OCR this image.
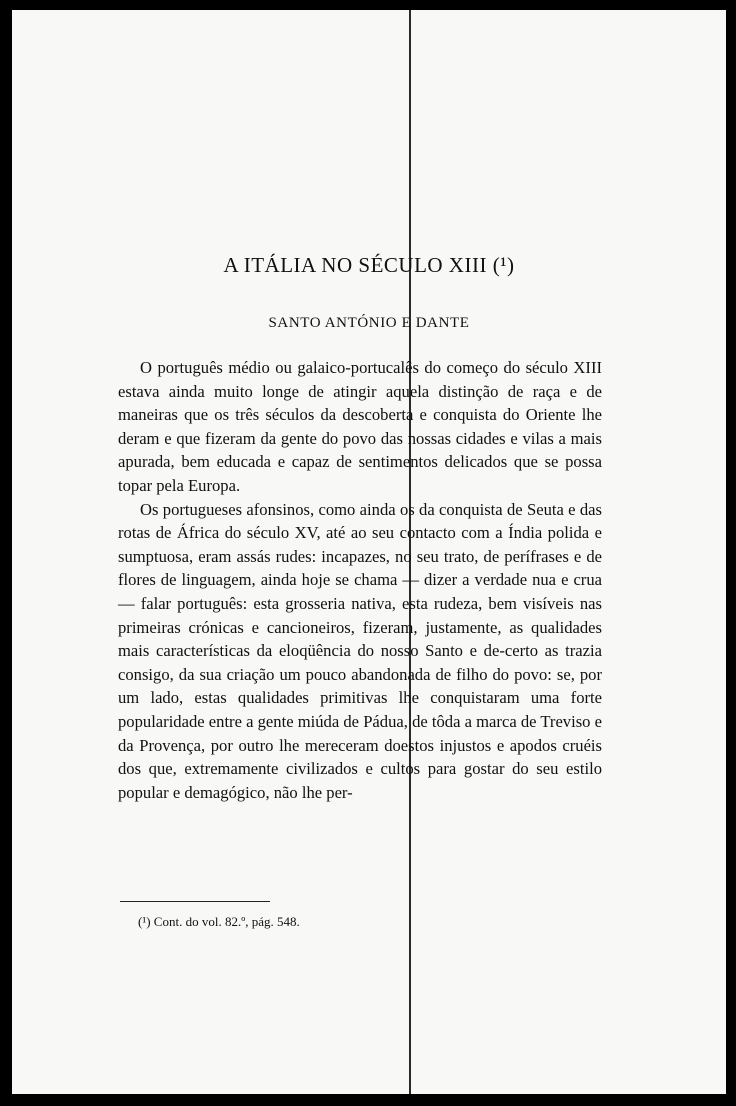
A ITÁLIA NO SÉCULO XIII (¹)
SANTO ANTÓNIO E DANTE

O português médio ou galaico-portucalês do começo do século XIII estava ainda muito longe de atingir aquela distinção de raça e de maneiras que os três séculos da descoberta e conquista do Oriente lhe deram e que fizeram da gente do povo das nossas cidades e vilas a mais apurada, bem educada e capaz de sentimentos delicados que se possa topar pela Europa.

Os portugueses afonsinos, como ainda os da conquista de Seuta e das rotas de África do século XV, até ao seu contacto com a Índia polida e sumptuosa, eram assás rudes: incapazes, no seu trato, de perífrases e de flores de linguagem, ainda hoje se chama — dizer a verdade nua e crua — falar português: esta grosseria nativa, esta rudeza, bem visíveis nas primeiras crónicas e cancioneiros, fizeram, justamente, as qualidades mais características da eloqüência do nosso Santo e de-certo as trazia consigo, da sua criação um pouco abandonada de filho do povo: se, por um lado, estas qualidades primitivas lhe conquistaram uma forte popularidade entre a gente miúda de Pádua, de tôda a marca de Treviso e da Provença, por outro lhe mereceram doestos injustos e apodos cruéis dos que, extremamente civilizados e cultos para gostar do seu estilo popular e demagógico, não lhe per-

(¹) Cont. do vol. 82.º, pág. 548.
